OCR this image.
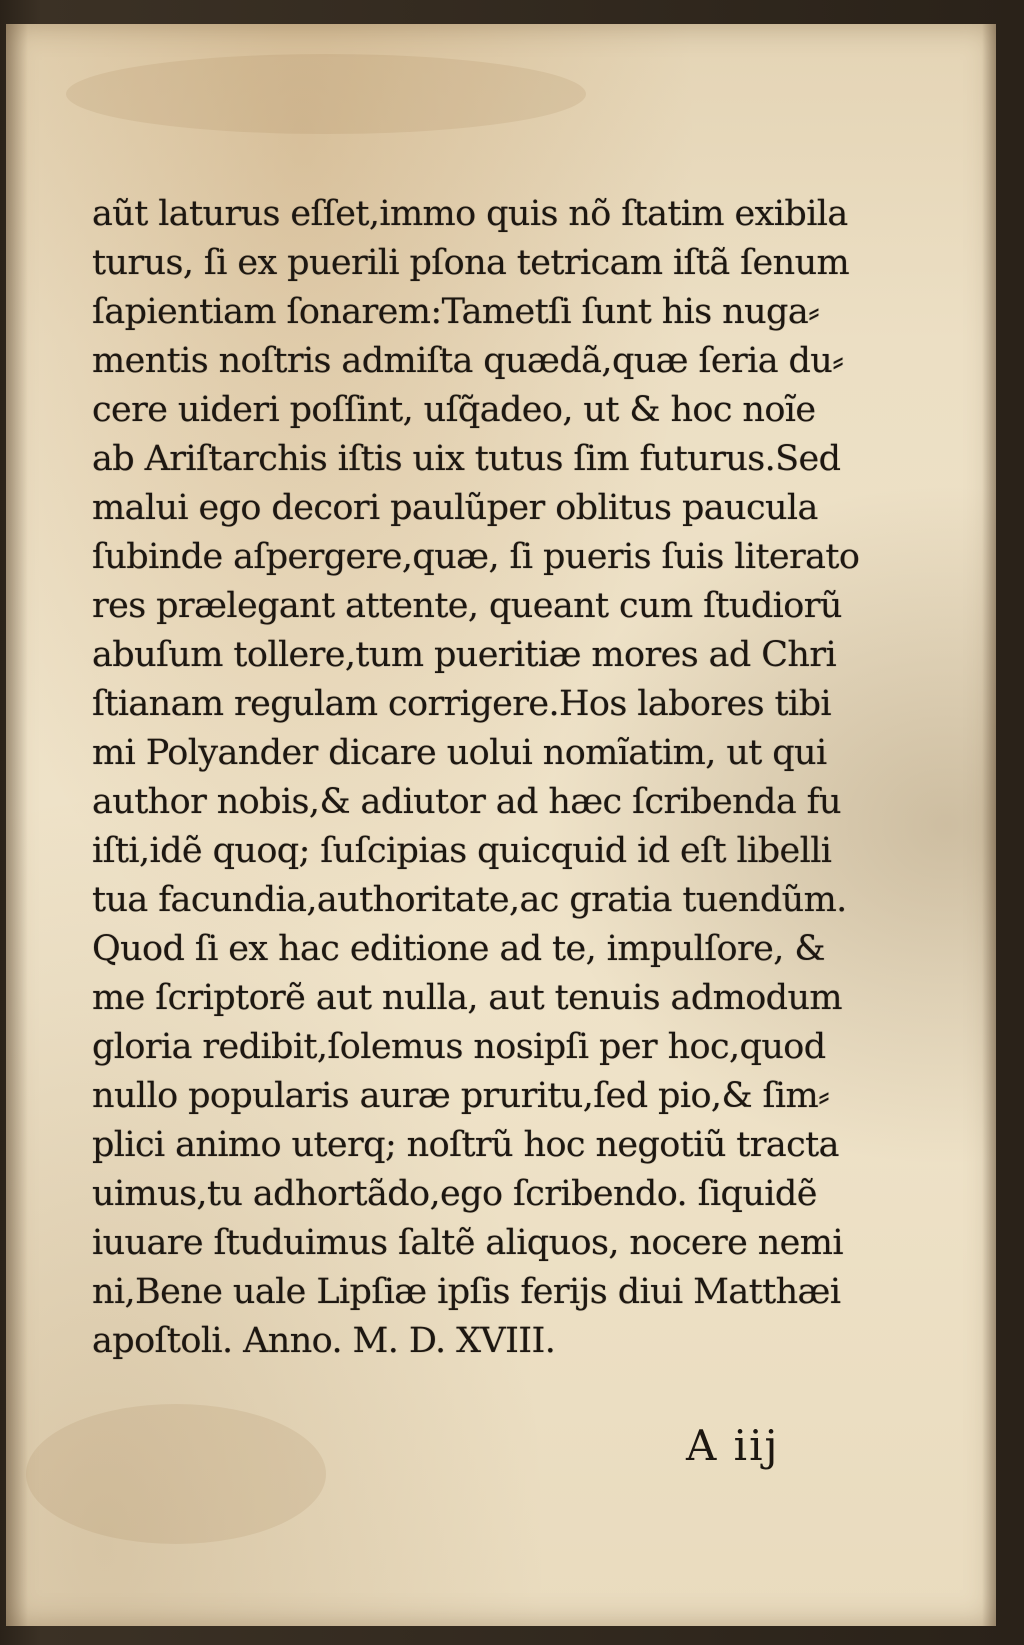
aũt laturus eſſet,immo quis nõ ſtatim exibila
turus, ſi ex puerili pſona tetricam iſtã ſenum
ſapientiam ſonarem:Tametſi ſunt his nuga⸗
mentis noſtris admiſta quædã,quæ ſeria du⸗
cere uideri poſſint, uſq̃adeo, ut & hoc noĩe
ab Ariſtarchis iſtis uix tutus ſim futurus.Sed
malui ego decori paulũper oblitus paucula
ſubinde aſpergere,quæ, ſi pueris ſuis literato
res prælegant attente, queant cum ſtudiorũ
abuſum tollere,tum pueritiæ mores ad Chri
ſtianam regulam corrigere.Hos labores tibi
mi Polyander dicare uolui nomĩatim, ut qui
author nobis,& adiutor ad hæc ſcribenda fu
iſti,idẽ quoq; ſuſcipias quicquid id eſt libelli
tua facundia,authoritate,ac gratia tuendũm.
Quod ſi ex hac editione ad te, impulſore, &
me ſcriptorẽ aut nulla, aut tenuis admodum
gloria redibit,ſolemus nosipſi per hoc,quod
nullo popularis auræ pruritu,ſed pio,& ſim⸗
plici animo uterq; noſtrũ hoc negotiũ tracta
uimus,tu adhortãdo,ego ſcribendo. ſiquidẽ
iuuare ſtuduimus ſaltẽ aliquos, nocere nemi
ni,Bene uale Lipſiæ ipſis ferijs diui Matthæi
apoſtoli. Anno. M. D. XVIII.
A iij
